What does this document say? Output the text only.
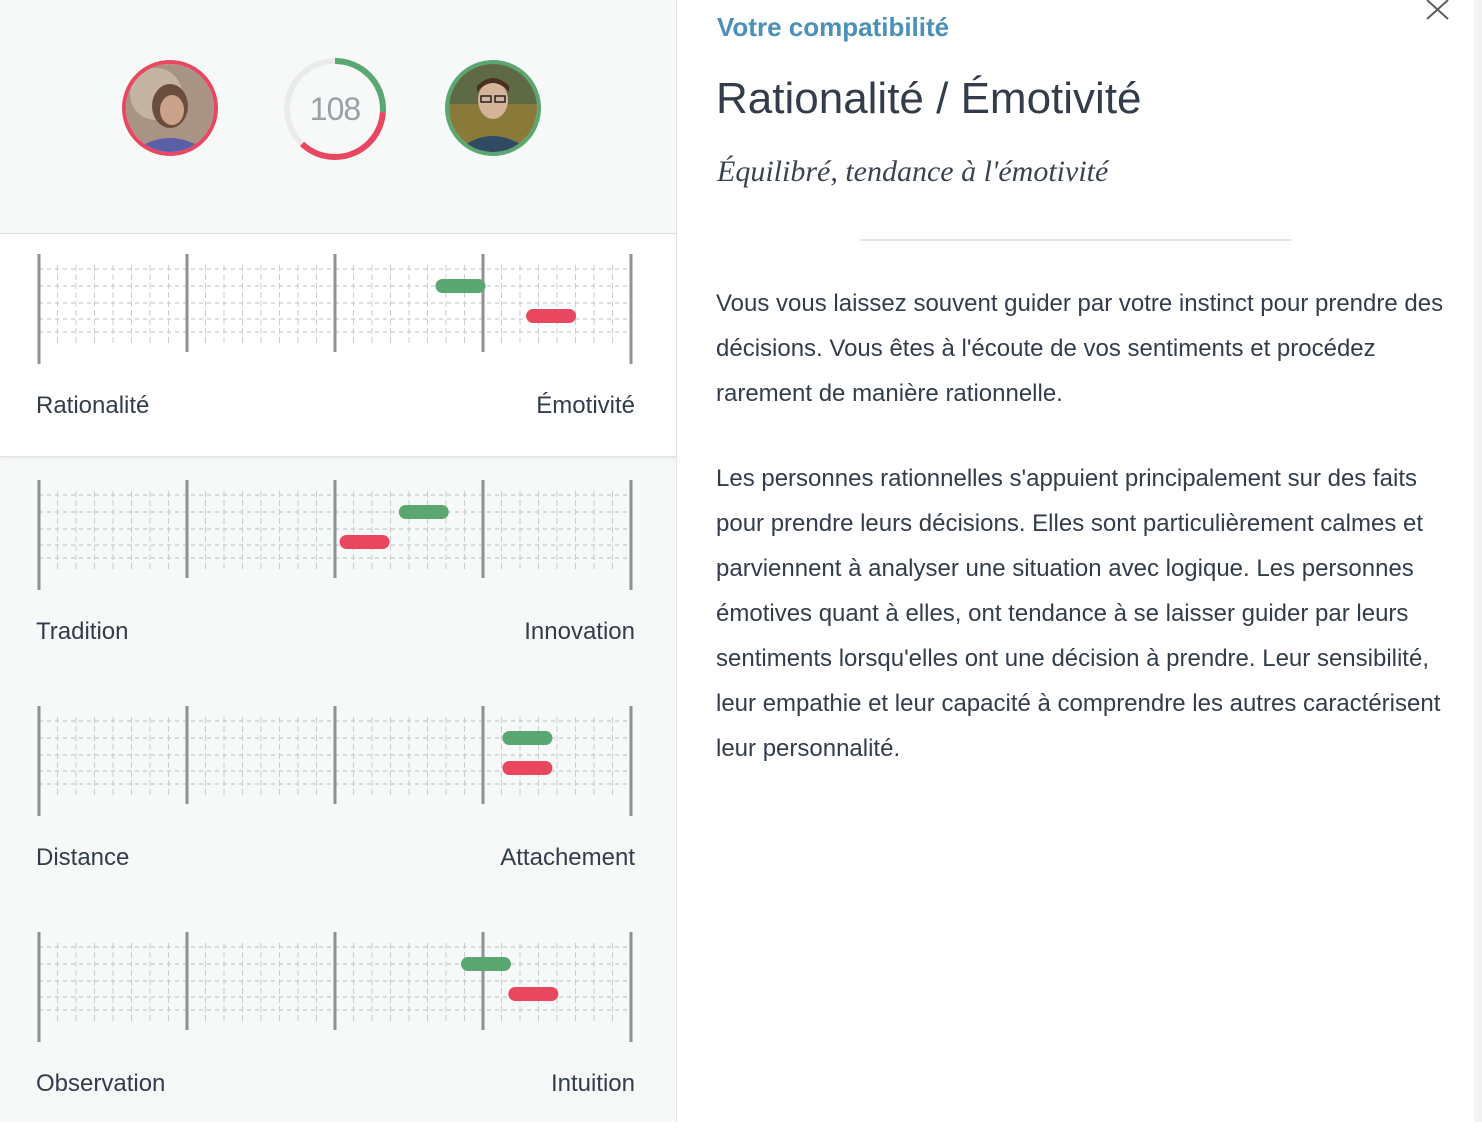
108
Rationalité	Émotivité
Tradition	Innovation
Distance	Attachement
Observation	Intuition
Votre compatibilité
Rationalité / Émotivité
Équilibré, tendance à l'émotivité

Vous vous laissez souvent guider par votre instinct pour prendre des décisions. Vous êtes à l'écoute de vos sentiments et procédez rarement de manière rationnelle.

Les personnes rationnelles s'appuient principalement sur des faits pour prendre leurs décisions. Elles sont particulièrement calmes et parviennent à analyser une situation avec logique. Les personnes émotives quant à elles, ont tendance à se laisser guider par leurs sentiments lorsqu'elles ont une décision à prendre. Leur sensibilité, leur empathie et leur capacité à comprendre les autres caractérisent leur personnalité.
